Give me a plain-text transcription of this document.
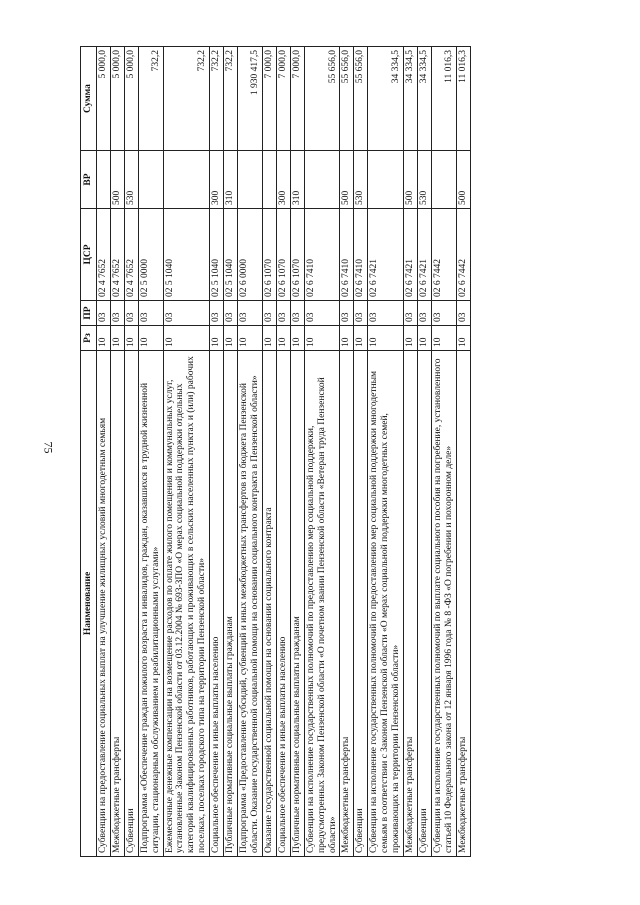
75
Наименование	Рз	ПР	ЦСР	ВР	Сумма
Субвенции на предоставление социальных выплат на улучшение жилищных условий многодетным семьям	10	03	02 4 7652		5 000,0
Межбюджетные трансферты	10	03	02 4 7652	500	5 000,0
Субвенции	10	03	02 4 7652	530	5 000,0
Подпрограмма «Обеспечение граждан пожилого возраста и инвалидов, граждан, оказавшихся в трудной жизненной ситуации, стационарным обслуживанием и реабилитационными услугами»	10	03	02 5 0000		732,2
Ежемесячные денежные компенсации на возмещение расходов по оплате жилого помещения и коммунальных услуг, установленные Законом Пензенской области от 03.12.2004 № 693-ЗПО «О мерах социальной поддержки отдельных категорий квалифицированных работников, работающих и проживающих в сельских населенных пунктах и (или) рабочих поселках, поселках городского типа на территории Пензенской области»	10	03	02 5 1040		732,2
Социальное обеспечение и иные выплаты населению	10	03	02 5 1040	300	732,2
Публичные нормативные социальные выплаты гражданам	10	03	02 5 1040	310	732,2
Подпрограмма «Предоставление субсидий, субвенций и иных межбюджетных трансфертов из бюджета Пензенской области. Оказание государственной социальной помощи на основании социального контракта в Пензенской области»	10	03	02 6 0000		1 930 417,5
Оказание государственной социальной помощи на основании социального контракта	10	03	02 6 1070		7 000,0
Социальное обеспечение и иные выплаты населению	10	03	02 6 1070	300	7 000,0
Публичные нормативные социальные выплаты гражданам	10	03	02 6 1070	310	7 000,0
Субвенции на исполнение государственных полномочий по предоставлению мер социальной поддержки, предусмотренных Законом Пензенской области «О почетном звании Пензенской области «Ветеран труда Пензенской области»	10	03	02 6 7410		55 656,0
Межбюджетные трансферты	10	03	02 6 7410	500	55 656,0
Субвенции	10	03	02 6 7410	530	55 656,0
Субвенции на исполнение государственных полномочий по предоставлению мер социальной поддержки многодетным семьям в соответствии с Законом Пензенской области «О мерах социальной поддержки многодетных семей, проживающих на территории Пензенской области»	10	03	02 6 7421		34 334,5
Межбюджетные трансферты	10	03	02 6 7421	500	34 334,5
Субвенции	10	03	02 6 7421	530	34 334,5
Субвенции на исполнение государственных полномочий по выплате социального пособия на погребение, установленного статьей 10 Федерального закона от 12 января 1996 года № 8 -ФЗ «О погребении и похоронном деле»	10	03	02 6 7442		11 016,3
Межбюджетные трансферты	10	03	02 6 7442	500	11 016,3
